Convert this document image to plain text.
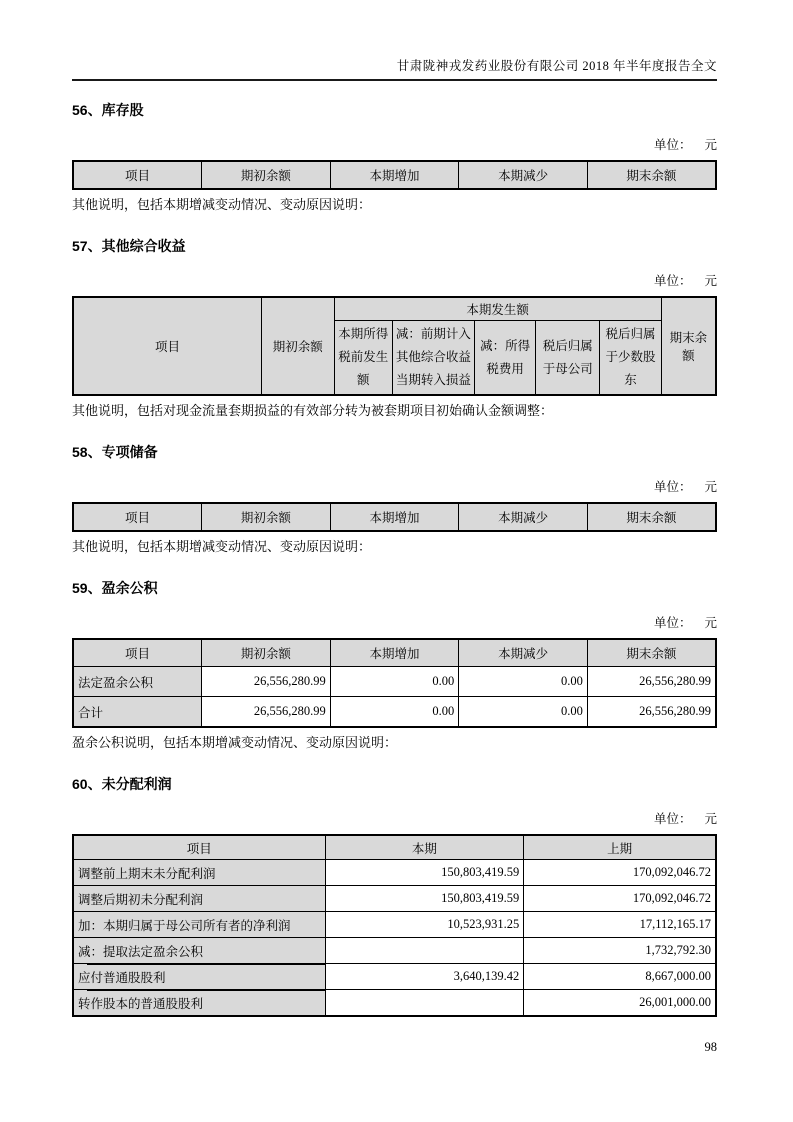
甘肃陇神戎发药业股份有限公司 2018 年半年度报告全文
56、库存股
单位： 元
项目	期初余额	本期增加	本期减少	期末余额

其他说明，包括本期增减变动情况、变动原因说明：

57、其他综合收益
单位： 元
项目	期初余额	本期发生额					期末余额
		本期所得税前发生额	减：前期计入其他综合收益当期转入损益	减：所得税费用	税后归属于母公司	税后归属于少数股东	

其他说明，包括对现金流量套期损益的有效部分转为被套期项目初始确认金额调整：

58、专项储备
单位： 元
项目	期初余额	本期增加	本期减少	期末余额

其他说明，包括本期增减变动情况、变动原因说明：

59、盈余公积
单位： 元
项目	期初余额	本期增加	本期减少	期末余额
法定盈余公积	26,556,280.99	0.00	0.00	26,556,280.99
合计	26,556,280.99	0.00	0.00	26,556,280.99

盈余公积说明，包括本期增减变动情况、变动原因说明：

60、未分配利润
单位： 元
项目	本期	上期
调整前上期末未分配利润	150,803,419.59	170,092,046.72
调整后期初未分配利润	150,803,419.59	170,092,046.72
加：本期归属于母公司所有者的净利润	10,523,931.25	17,112,165.17
减：提取法定盈余公积		1,732,792.30
应付普通股股利	3,640,139.42	8,667,000.00
转作股本的普通股股利		26,001,000.00
98
